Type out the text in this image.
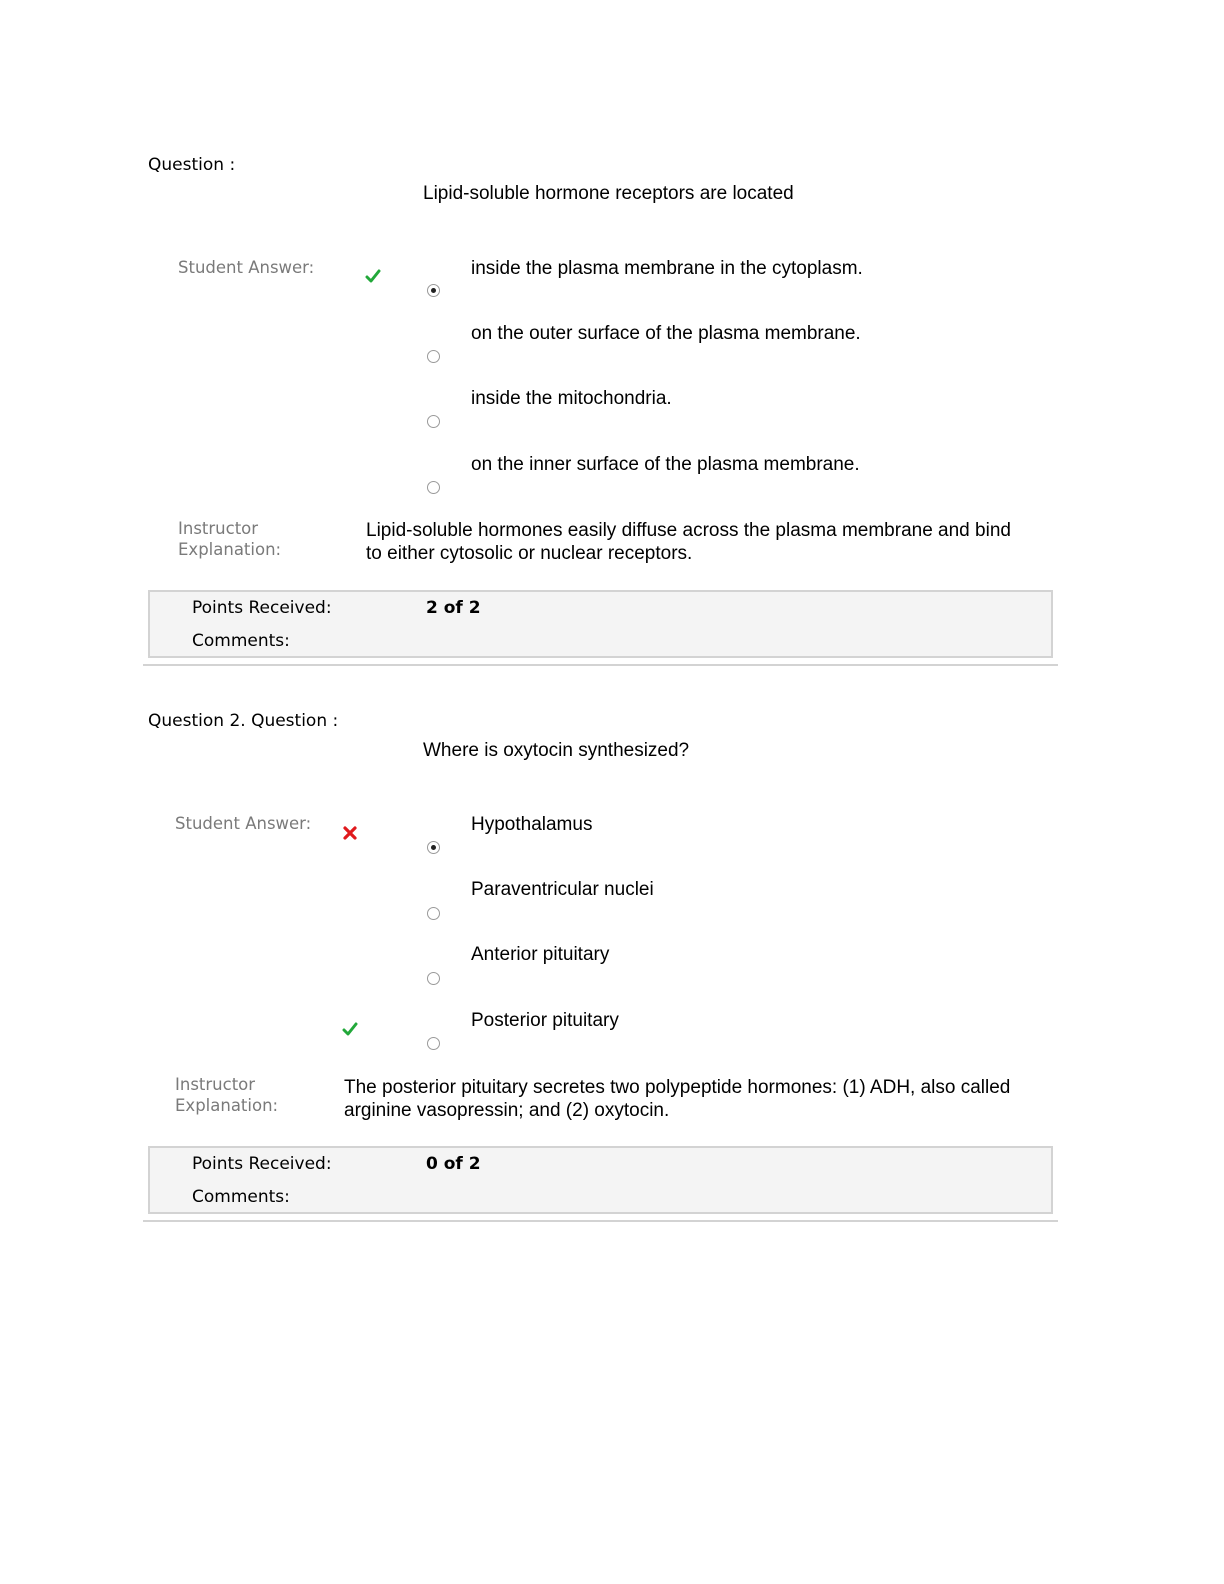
Question :
Lipid-soluble hormone receptors are located
Student Answer:	inside the plasma membrane in the cytoplasm.
on the outer surface of the plasma membrane.
inside the mitochondria.
on the inner surface of the plasma membrane.
Instructor
Explanation:
Lipid-soluble hormones easily diffuse across the plasma membrane and bind
to either cytosolic or nuclear receptors.
Points Received:	2 of 2
Comments:
Question 2. Question :
Where is oxytocin synthesized?
Student Answer:	Hypothalamus
Paraventricular nuclei
Anterior pituitary
Posterior pituitary
Instructor
Explanation:
The posterior pituitary secretes two polypeptide hormones: (1) ADH, also called
arginine vasopressin; and (2) oxytocin.
Points Received:	0 of 2
Comments:
